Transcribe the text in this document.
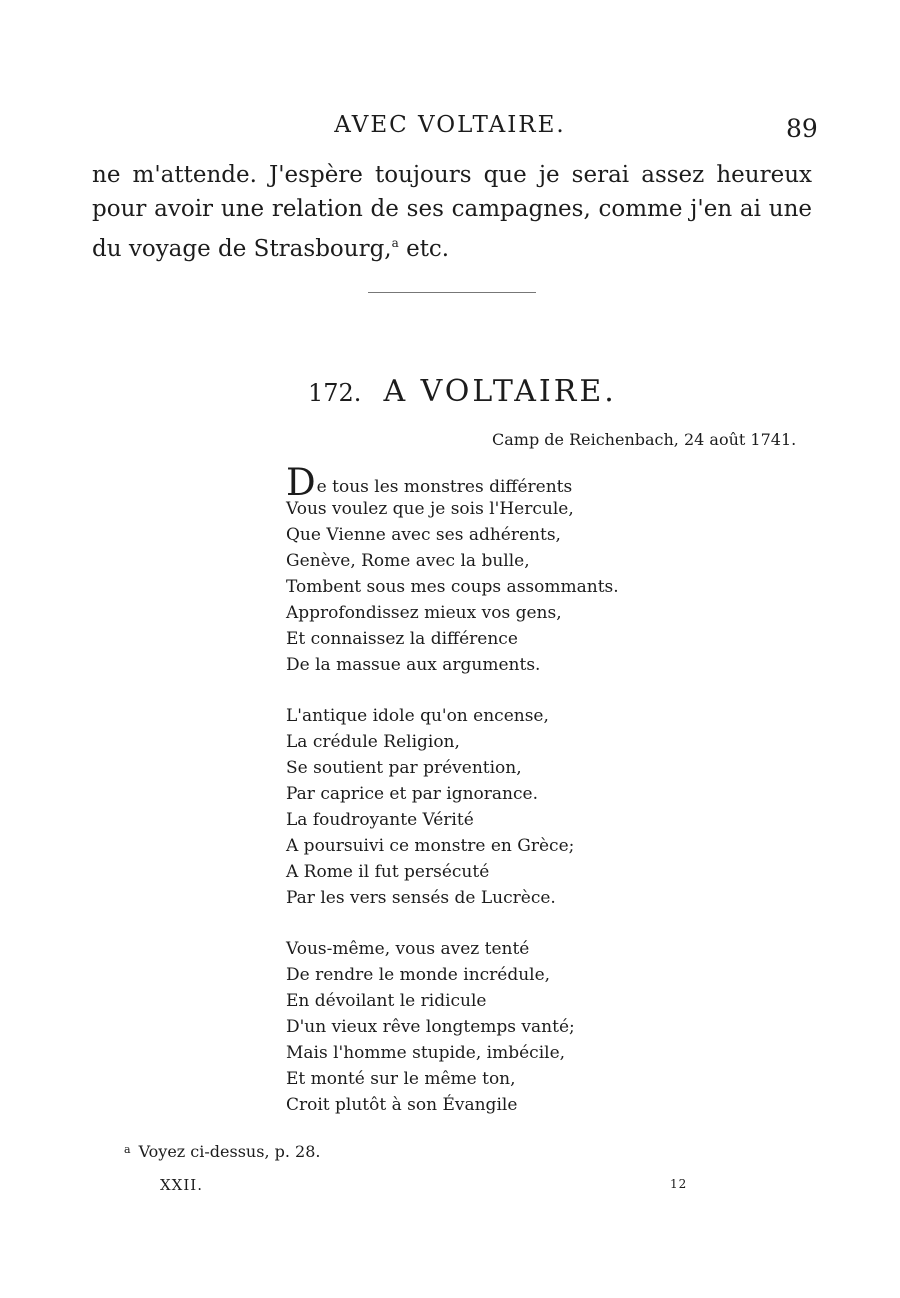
AVEC VOLTAIRE.	89
ne m'attende. J'espère toujours que je serai assez heureux pour avoir une relation de ses campagnes, comme j'en ai une du voyage de Strasbourg,$^a$ etc.
172. A VOLTAIRE.
Camp de Reichenbach, 24 août 1741.
De tous les monstres différents
Vous voulez que je sois l'Hercule,
Que Vienne avec ses adhérents,
Genève, Rome avec la bulle,
Tombent sous mes coups assommants.
Approfondissez mieux vos gens,
Et connaissez la différence
De la massue aux arguments.
L'antique idole qu'on encense,
La crédule Religion,
Se soutient par prévention,
Par caprice et par ignorance.
La foudroyante Vérité
A poursuivi ce monstre en Grèce;
A Rome il fut persécuté
Par les vers sensés de Lucrèce.
Vous-même, vous avez tenté
De rendre le monde incrédule,
En dévoilant le ridicule
D'un vieux rêve longtemps vanté;
Mais l'homme stupide, imbécile,
Et monté sur le même ton,
Croit plutôt à son Évangile
$^a$ Voyez ci-dessus, p. 28.
XXII.	12
